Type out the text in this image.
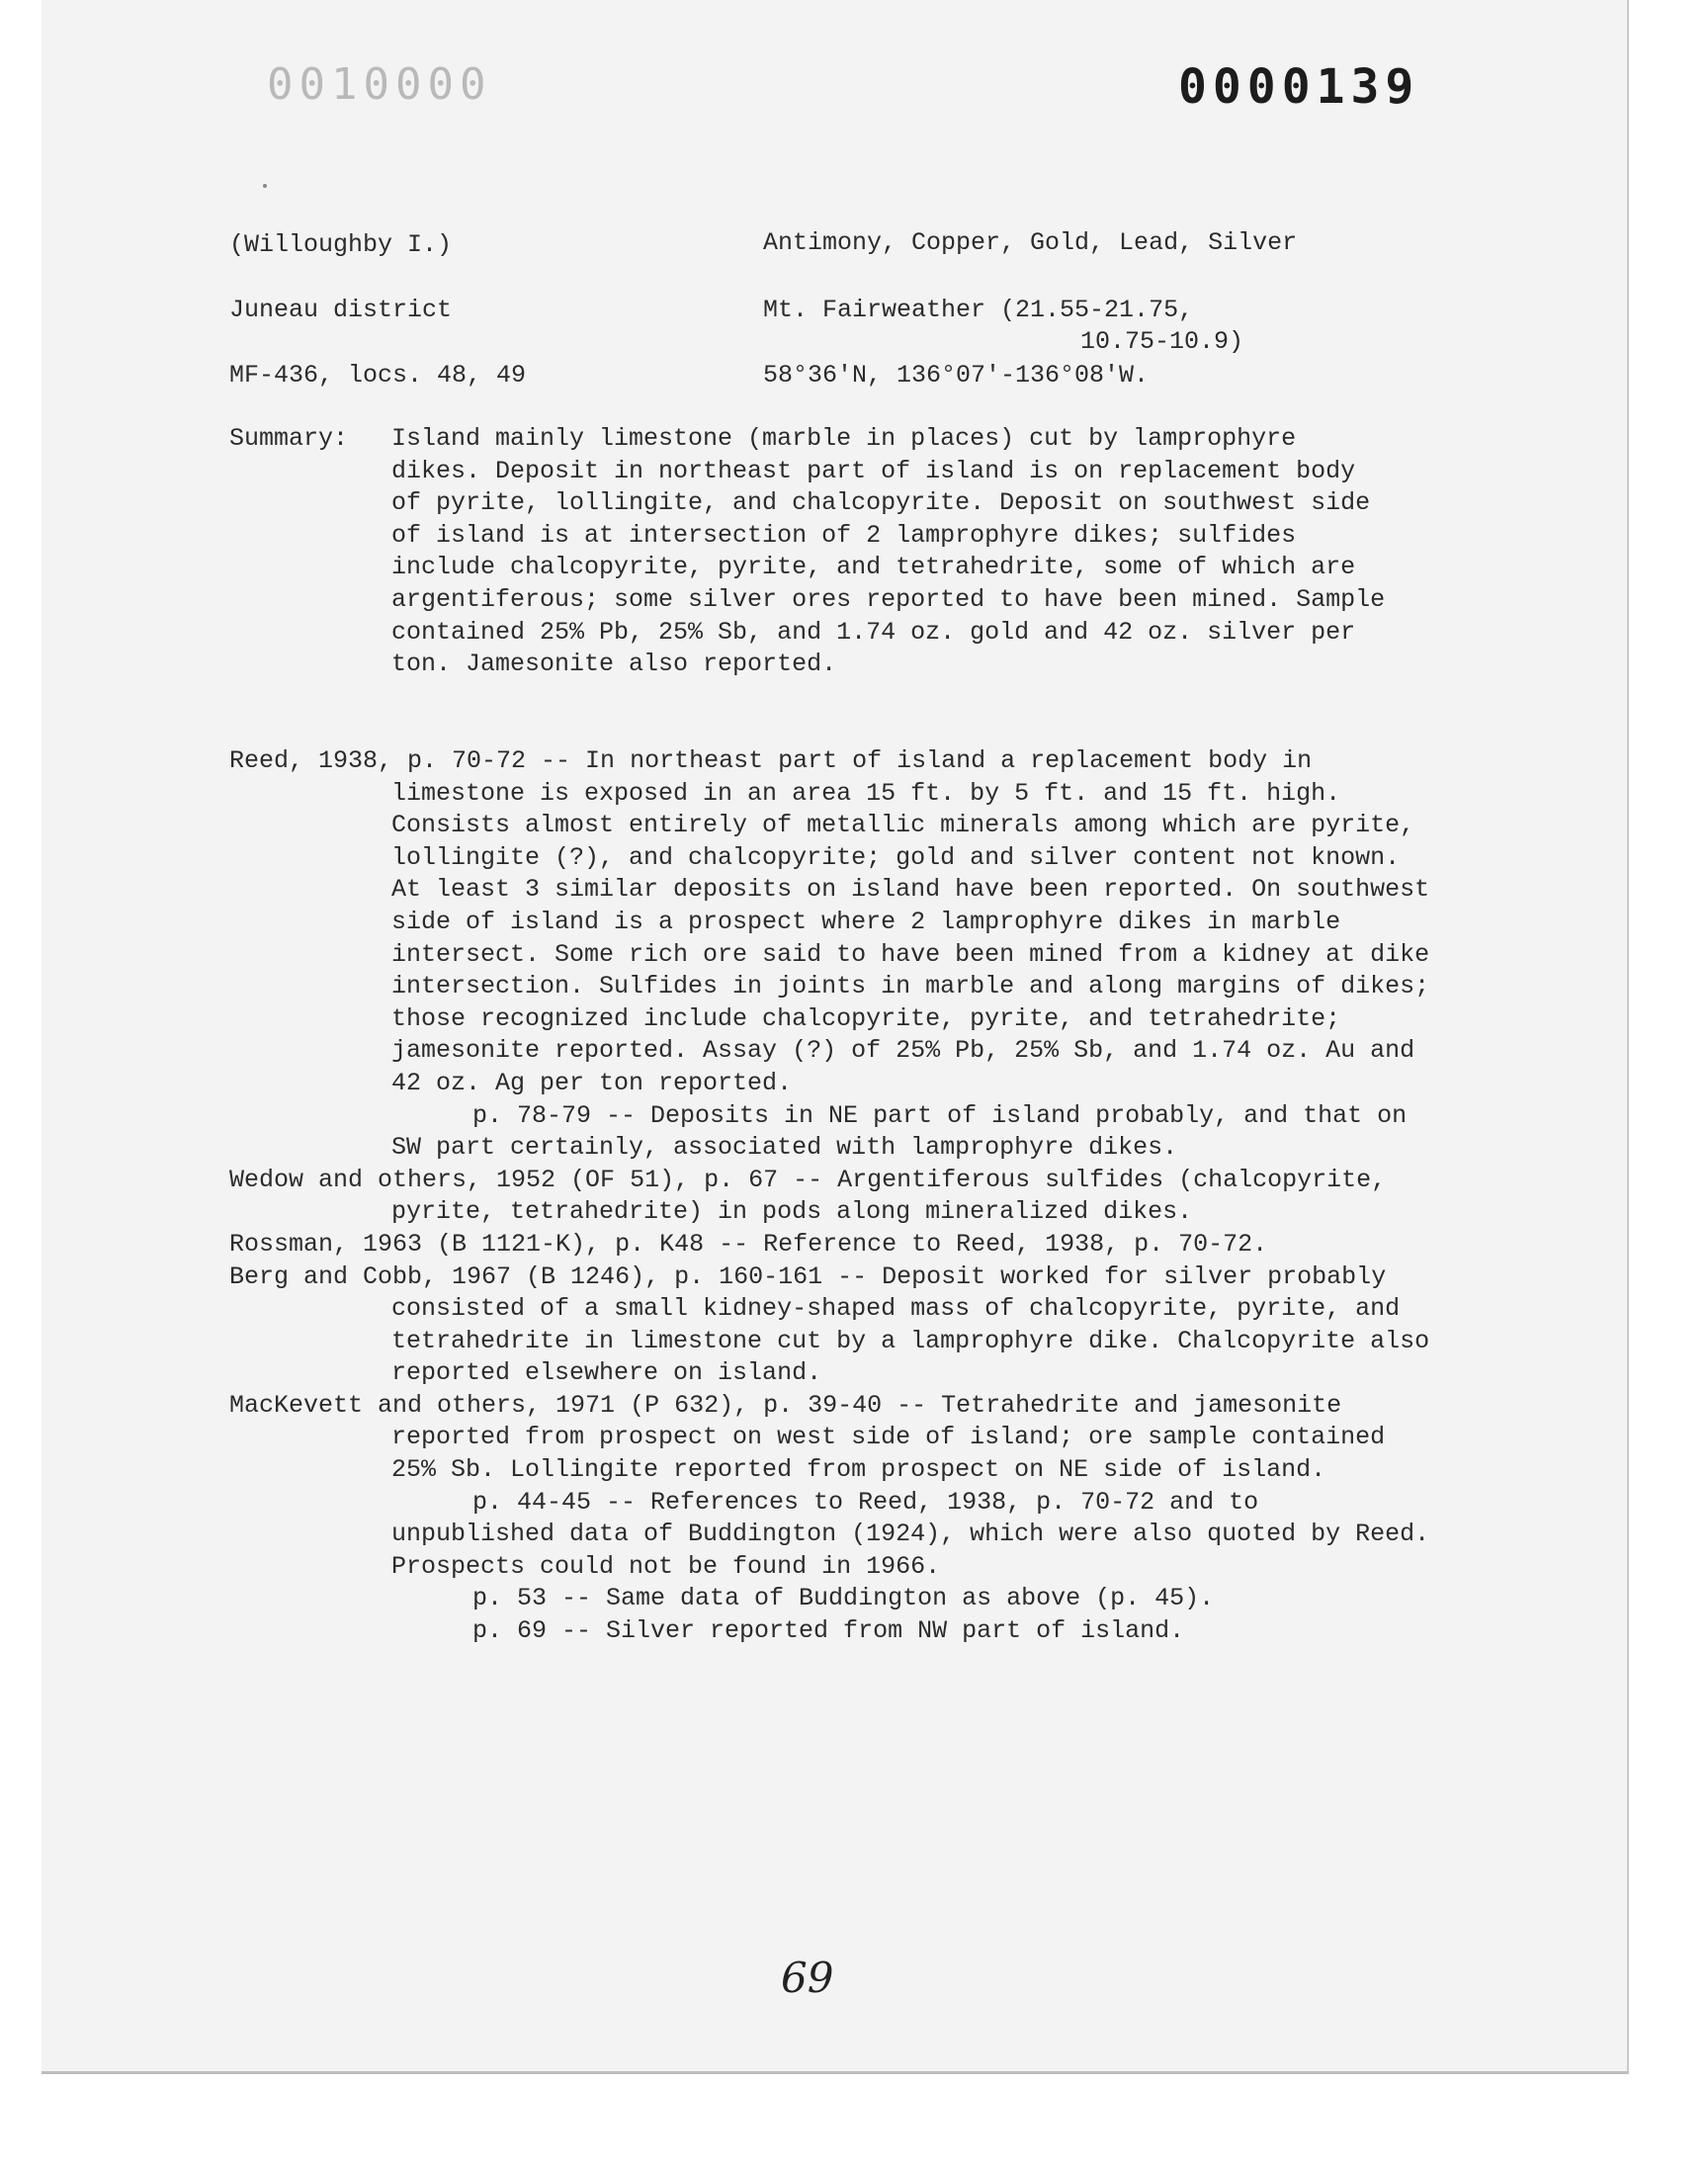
0010000	0000139
(Willoughby I.)	Antimony, Copper, Gold, Lead, Silver
Juneau district	Mt. Fairweather (21.55-21.75,
10.75-10.9)
MF-436, locs. 48, 49	58°36'N, 136°07'-136°08'W.
Summary: Island mainly limestone (marble in places) cut by lamprophyre dikes. Deposit in northeast part of island is on replacement body of pyrite, lollingite, and chalcopyrite. Deposit on southwest side of island is at intersection of 2 lamprophyre dikes; sulfides include chalcopyrite, pyrite, and tetrahedrite, some of which are argentiferous; some silver ores reported to have been mined. Sample contained 25% Pb, 25% Sb, and 1.74 oz. gold and 42 oz. silver per ton. Jamesonite also reported.

Reed, 1938, p. 70-72 -- In northeast part of island a replacement body in limestone is exposed in an area 15 ft. by 5 ft. and 15 ft. high. Consists almost entirely of metallic minerals among which are pyrite, lollingite (?), and chalcopyrite; gold and silver content not known. At least 3 similar deposits on island have been reported. On southwest side of island is a prospect where 2 lamprophyre dikes in marble intersect. Some rich ore said to have been mined from a kidney at dike intersection. Sulfides in joints in marble and along margins of dikes; those recognized include chalcopyrite, pyrite, and tetrahedrite; jamesonite reported. Assay (?) of 25% Pb, 25% Sb, and 1.74 oz. Au and 42 oz. Ag per ton reported.

p. 78-79 -- Deposits in NE part of island probably, and that on SW part certainly, associated with lamprophyre dikes.

Wedow and others, 1952 (OF 51), p. 67 -- Argentiferous sulfides (chalcopyrite, pyrite, tetrahedrite) in pods along mineralized dikes.

Rossman, 1963 (B 1121-K), p. K48 -- Reference to Reed, 1938, p. 70-72.

Berg and Cobb, 1967 (B 1246), p. 160-161 -- Deposit worked for silver probably consisted of a small kidney-shaped mass of chalcopyrite, pyrite, and tetrahedrite in limestone cut by a lamprophyre dike. Chalcopyrite also reported elsewhere on island.

MacKevett and others, 1971 (P 632), p. 39-40 -- Tetrahedrite and jamesonite reported from prospect on west side of island; ore sample contained 25% Sb. Lollingite reported from prospect on NE side of island.

p. 44-45 -- References to Reed, 1938, p. 70-72 and to unpublished data of Buddington (1924), which were also quoted by Reed. Prospects could not be found in 1966.

p. 53 -- Same data of Buddington as above (p. 45).

p. 69 -- Silver reported from NW part of island.

69
